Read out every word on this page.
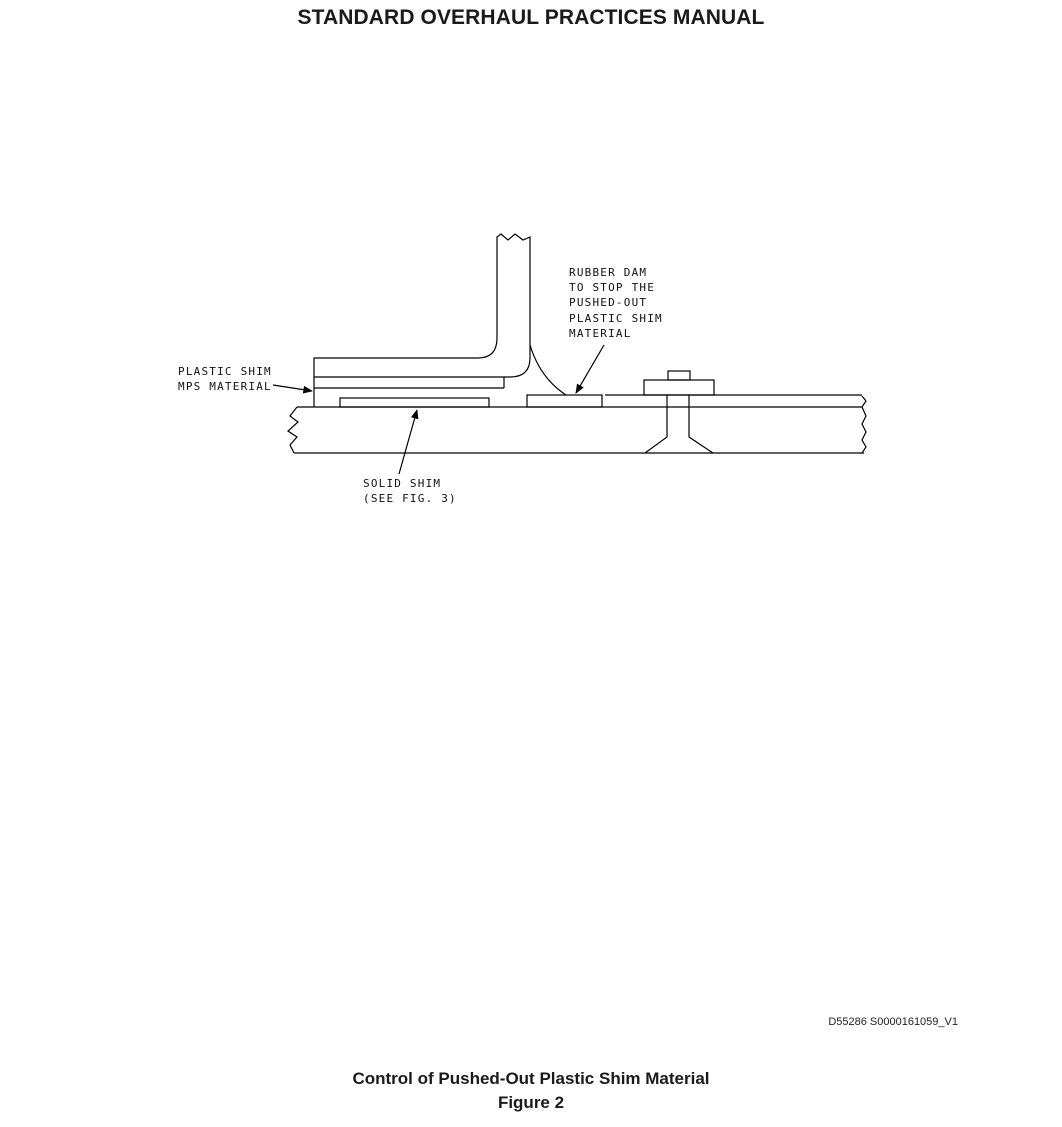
STANDARD OVERHAUL PRACTICES MANUAL
RUBBER DAM TO STOP THE PUSHED-OUT PLASTIC SHIM MATERIAL
PLASTIC SHIM MPS MATERIAL
SOLID SHIM (SEE FIG. 3)
D55286 S0000161059_V1
Control of Pushed-Out Plastic Shim Material
Figure 2
